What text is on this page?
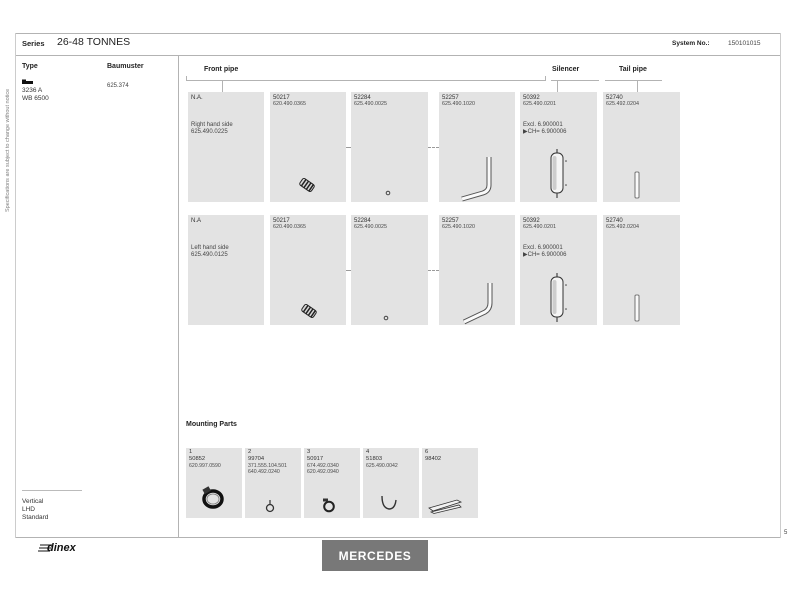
Specifications are subject to change without notice
Series 26-48 TONNES	System No.:	150101015
Type	Baumuster
3236 A
WB 6500
625.374
Vertical
LHD
Standard
Front pipe	Silencer	Tail pipe
N.A.
Right hand side
625.490.0225
50217
620.490.0365
52284
625.490.0025
52257
625.490.1020
50392
625.490.0201
Excl. 6.900001
▶CH= 6.900006
52740
625.492.0204
N.A
Left hand side
625.490.0125
50217
620.490.0365
52284
625.490.0025
52257
625.490.1020
50392
625.490.0201
Excl. 6.900001
▶CH= 6.900006
52740
625.492.0204
Mounting Parts
1
50852
620.997.0590
2
99704
371.555.104.501
640.492.0240
3
50917
674.492.0340
620.492.0940
4
51803
625.490.0042
6
98402
5
dinex
MERCEDES
